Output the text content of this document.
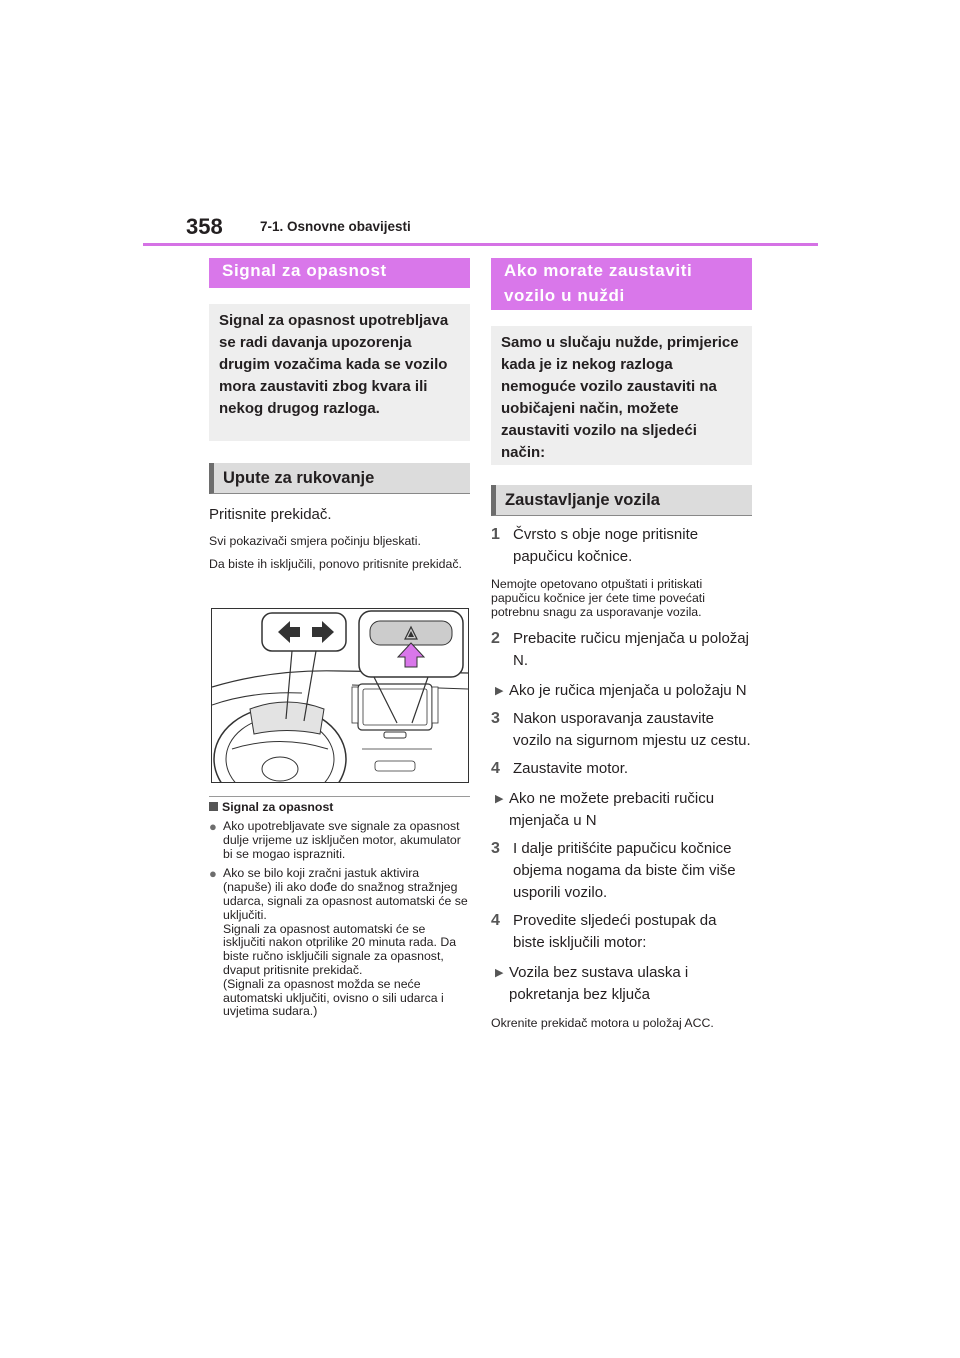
358	7-1. Osnovne obavijesti
Signal za opasnost
Signal za opasnost upotrebljava se radi davanja upozorenja drugim vozačima kada se vozilo mora zaustaviti zbog kvara ili nekog drugog razloga.
Upute za rukovanje
Pritisnite prekidač.
Svi pokazivači smjera počinju bljeskati.
Da biste ih isključili, ponovo pritisnite prekidač.
Signal za opasnost
● Ako upotrebljavate sve signale za opasnost dulje vrijeme uz isključen motor, akumulator bi se mogao isprazniti.
● Ako se bilo koji zračni jastuk aktivira (napuše) ili ako dođe do snažnog stražnjeg udarca, signali za opasnost automatski će se uključiti.
Signali za opasnost automatski će se isključiti nakon otprilike 20 minuta rada. Da biste ručno isključili signale za opasnost, dvaput pritisnite prekidač.
(Signali za opasnost možda se neće automatski uključiti, ovisno o sili udarca i uvjetima sudara.)
Ako morate zaustaviti vozilo u nuždi
Samo u slučaju nužde, primjerice kada je iz nekog razloga nemoguće vozilo zaustaviti na uobičajeni način, možete zaustaviti vozilo na sljedeći način:
Zaustavljanje vozila
1 Čvrsto s obje noge pritisnite papučicu kočnice.
Nemojte opetovano otpuštati i pritiskati papučicu kočnice jer ćete time povećati potrebnu snagu za usporavanje vozila.
2 Prebacite ručicu mjenjača u položaj N.
▶ Ako je ručica mjenjača u položaju N
3 Nakon usporavanja zaustavite vozilo na sigurnom mjestu uz cestu.
4 Zaustavite motor.
▶ Ako ne možete prebaciti ručicu mjenjača u N
3 I dalje pritišćite papučicu kočnice objema nogama da biste čim više usporili vozilo.
4 Provedite sljedeći postupak da biste isključili motor:
▶ Vozila bez sustava ulaska i pokretanja bez ključa
Okrenite prekidač motora u položaj ACC.
